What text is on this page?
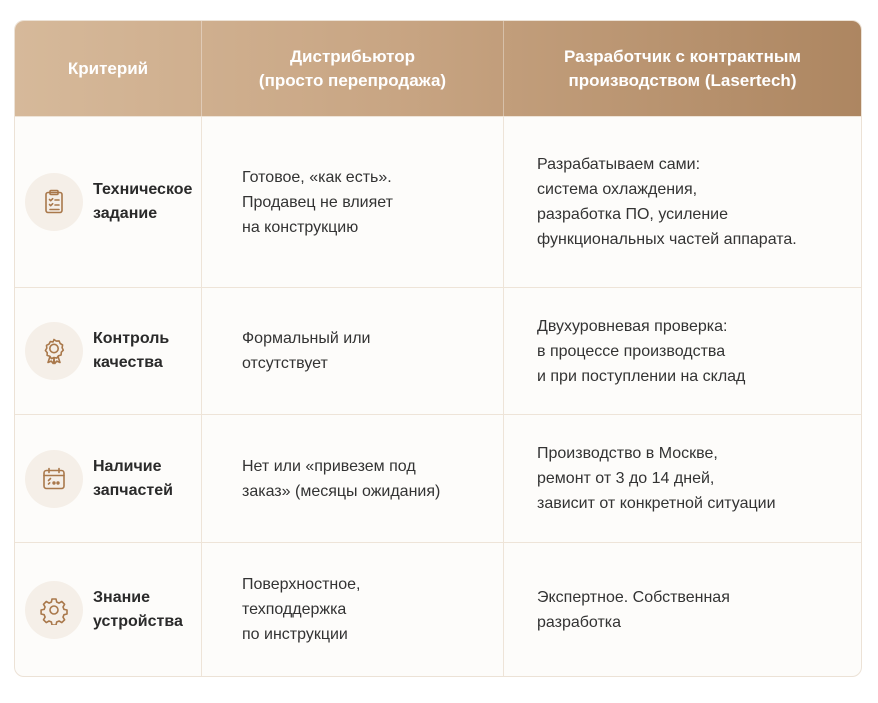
Критерий
Дистрибьютор
(просто перепродажа)
Разработчик с контрактным
производством (Lasertech)
Техническое
задание
Готовое, «как есть».
Продавец не влияет
на конструкцию
Разрабатываем сами:
система охлаждения,
разработка ПО, усиление
функциональных частей аппарата.
Контроль
качества
Формальный или
отсутствует
Двухуровневая проверка:
в процессе производства
и при поступлении на склад
Наличие
запчастей
Нет или «привезем под
заказ» (месяцы ожидания)
Производство в Москве,
ремонт от 3 до 14 дней,
зависит от конкретной ситуации
Знание
устройства
Поверхностное,
техподдержка
по инструкции
Экспертное. Собственная
разработка
